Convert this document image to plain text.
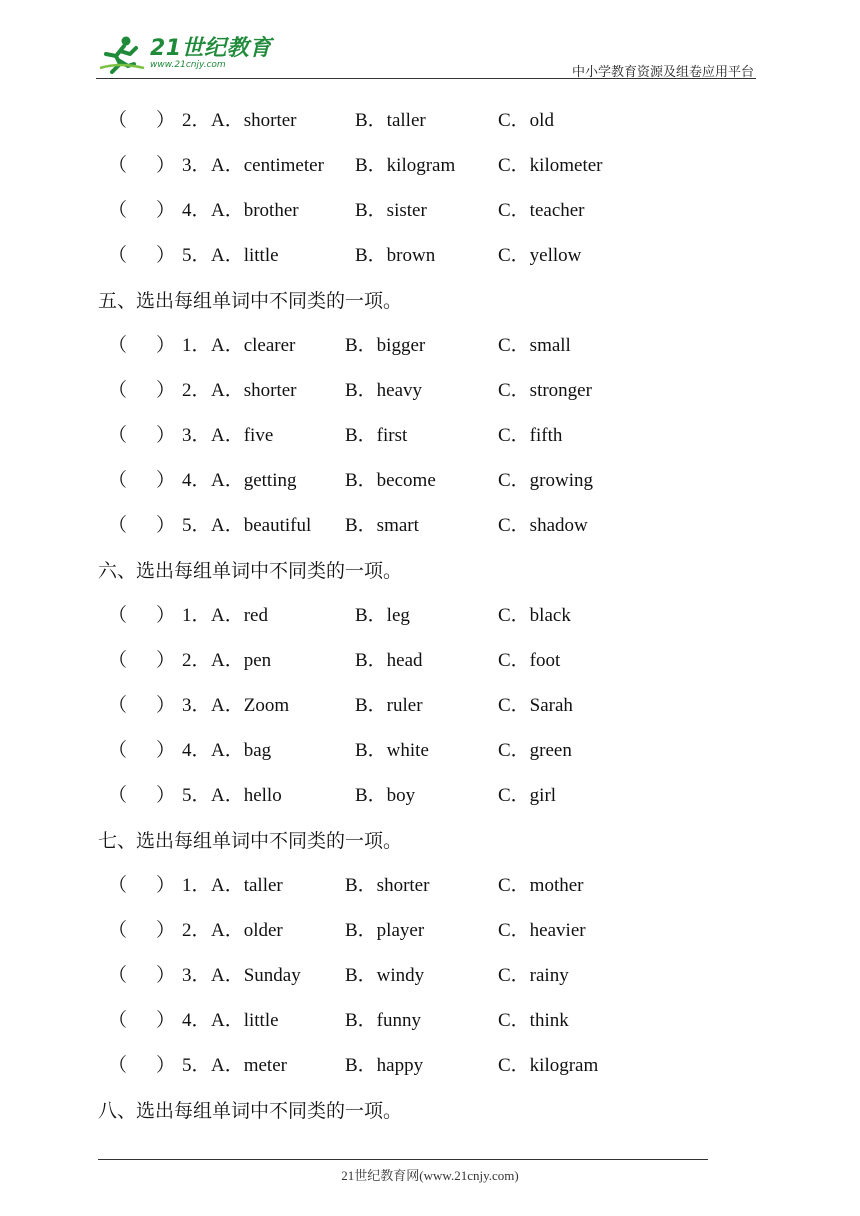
21世纪教育
www.21cnjy.com	中小学教育资源及组卷应用平台
（ ） 2． A．shorter	B．taller	C．old
（ ） 3． A．centimeter B．kilogram C．kilometer
（ ） 4． A．brother	B．sister	C．teacher
（ ） 5． A．little	B．brown	C．yellow
五、选出每组单词中不同类的一项。
（ ） 1． A．clearer	B．bigger	C．small
（ ） 2． A．shorter	B．heavy	C．stronger
（ ） 3． A．five	B．first	C．fifth
（ ） 4． A．getting	B．become	C．growing
（ ） 5． A．beautiful B．smart	C．shadow
六、选出每组单词中不同类的一项。
（ ） 1． A．red	B．leg	C．black
（ ） 2． A．pen	B．head	C．foot
（ ） 3． A．Zoom	B．ruler	C．Sarah
（ ） 4． A．bag	B．white	C．green
（ ） 5． A．hello	B．boy	C．girl
七、选出每组单词中不同类的一项。
（ ） 1． A．taller	B．shorter	C．mother
（ ） 2． A．older	B．player	C．heavier
（ ） 3． A．Sunday B．windy	C．rainy
（ ） 4． A．little	B．funny	C．think
（ ） 5． A．meter	B．happy	C．kilogram
八、选出每组单词中不同类的一项。
21世纪教育网(www.21cnjy.com)
